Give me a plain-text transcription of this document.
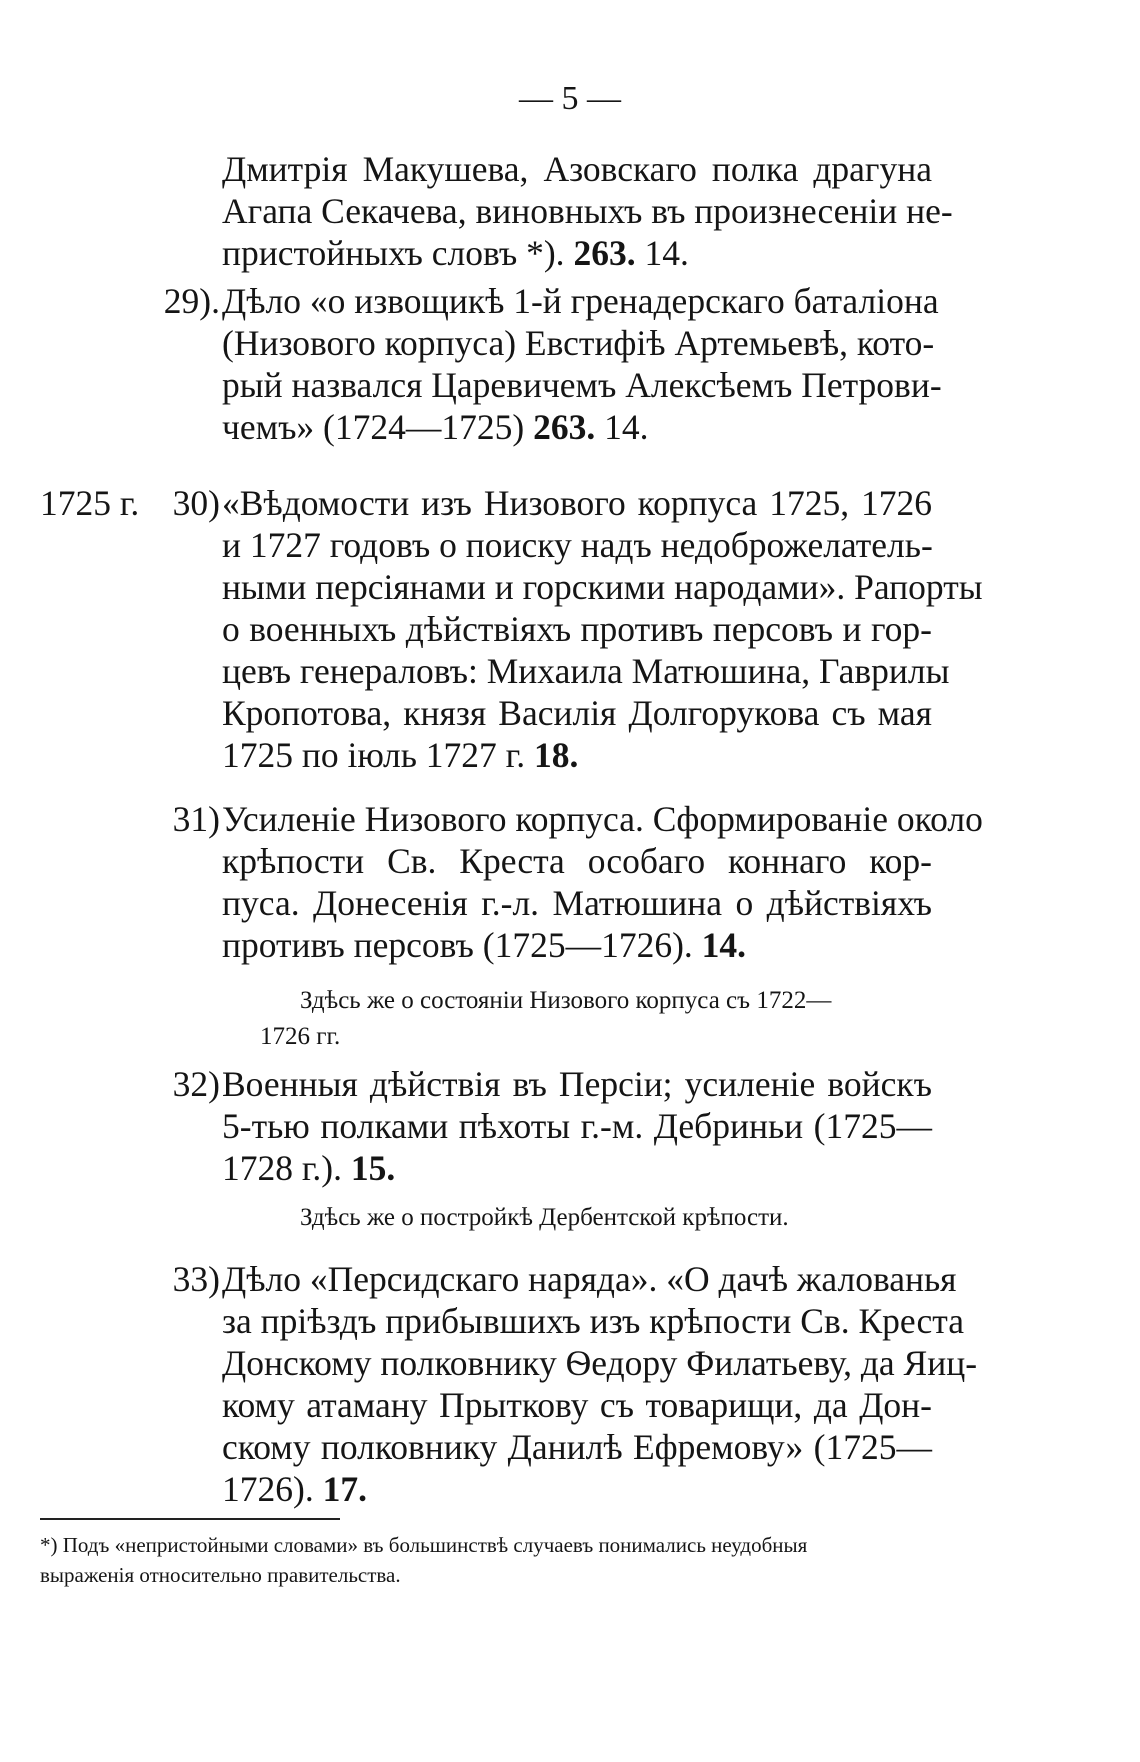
— 5 —
Дмитрія Макушева, Азовскаго полка драгуна
Агапа Секачева, виновныхъ въ произнесеніи не-
пристойныхъ словъ *). 263. 14.
29). Дѣло «о извощикѣ 1-й гренадерскаго баталіона
(Низового корпуса) Евстифіѣ Артемьевѣ, кото-
рый назвался Царевичемъ Алексѣемъ Петрови-
чемъ» (1724—1725) 263. 14.
1725 г. 30) «Вѣдомости изъ Низового корпуса 1725, 1726
и 1727 годовъ о поиску надъ недоброжелатель-
ными персіянами и горскими народами». Рапорты
о военныхъ дѣйствіяхъ противъ персовъ и гор-
цевъ генераловъ: Михаила Матюшина, Гаврилы
Кропотова, князя Василія Долгорукова съ мая
1725 по іюль 1727 г. 18.
31) Усиленіе Низового корпуса. Сформированіе около
крѣпости Св. Креста особаго коннаго кор-
пуса. Донесенія г.-л. Матюшина о дѣйствіяхъ
противъ персовъ (1725—1726). 14.
Здѣсь же о состояніи Низового корпуса съ 1722—
1726 гг.
32) Военныя дѣйствія въ Персіи; усиленіе войскъ
5-тью полками пѣхоты г.-м. Дебриньи (1725—
1728 г.). 15.
Здѣсь же о постройкѣ Дербентской крѣпости.
33) Дѣло «Персидскаго наряда». «О дачѣ жалованья
за пріѣздъ прибывшихъ изъ крѣпости Св. Креста
Донскому полковнику Ѳедору Филатьеву, да Яиц-
кому атаману Прыткову съ товарищи, да Дон-
скому полковнику Данилѣ Ефремову» (1725—
1726). 17.
*) Подъ «непристойными словами» въ большинствѣ случаевъ понимались неудобныя
выраженія относительно правительства.
